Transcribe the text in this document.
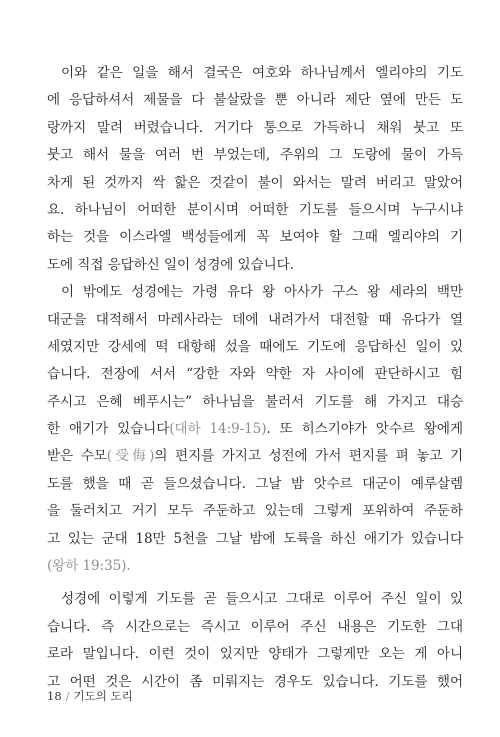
이와 같은 일을 해서 결국은 여호와 하나님께서 엘리야의 기도
에 응답하셔서 제물을 다 불살랐을 뿐 아니라 제단 옆에 만든 도
랑까지 말려 버렸습니다. 거기다 통으로 가득하니 채워 붓고 또
붓고 해서 물을 여러 번 부었는데, 주위의 그 도랑에 물이 가득
차게 된 것까지 싹 핥은 것같이 불이 와서는 말려 버리고 말았어
요. 하나님이 어떠한 분이시며 어떠한 기도를 들으시며 누구시냐
하는 것을 이스라엘 백성들에게 꼭 보여야 할 그때 엘리야의 기
도에 직접 응답하신 일이 성경에 있습니다.
이 밖에도 성경에는 가령 유다 왕 아사가 구스 왕 세라의 백만
대군을 대적해서 마레사라는 데에 내려가서 대전할 때 유다가 열
세였지만 강세에 떡 대항해 섰을 때에도 기도에 응답하신 일이 있
습니다. 전장에 서서 “강한 자와 약한 자 사이에 판단하시고 힘
주시고 은혜 베푸시는” 하나님을 불러서 기도를 해 가지고 대승
한 애기가 있습니다(대하 14:9-15). 또 히스기야가 앗수르 왕에게
받은 수모(受侮)의 편지를 가지고 성전에 가서 편지를 펴 놓고 기
도를 했을 때 곧 들으셨습니다. 그날 밤 앗수르 대군이 예루살렘
을 둘러치고 거기 모두 주둔하고 있는데 그렇게 포위하여 주둔하
고 있는 군대 18만 5천을 그날 밤에 도륙을 하신 애기가 있습니다
(왕하 19:35).
성경에 이렇게 기도를 곧 들으시고 그대로 이루어 주신 일이 있
습니다. 즉 시간으로는 즉시고 이루어 주신 내용은 기도한 그대
로라 말입니다. 이런 것이 있지만 양태가 그렇게만 오는 게 아니
고 어떤 것은 시간이 좀 미뤄지는 경우도 있습니다. 기도를 했어
18 / 기도의 도리
